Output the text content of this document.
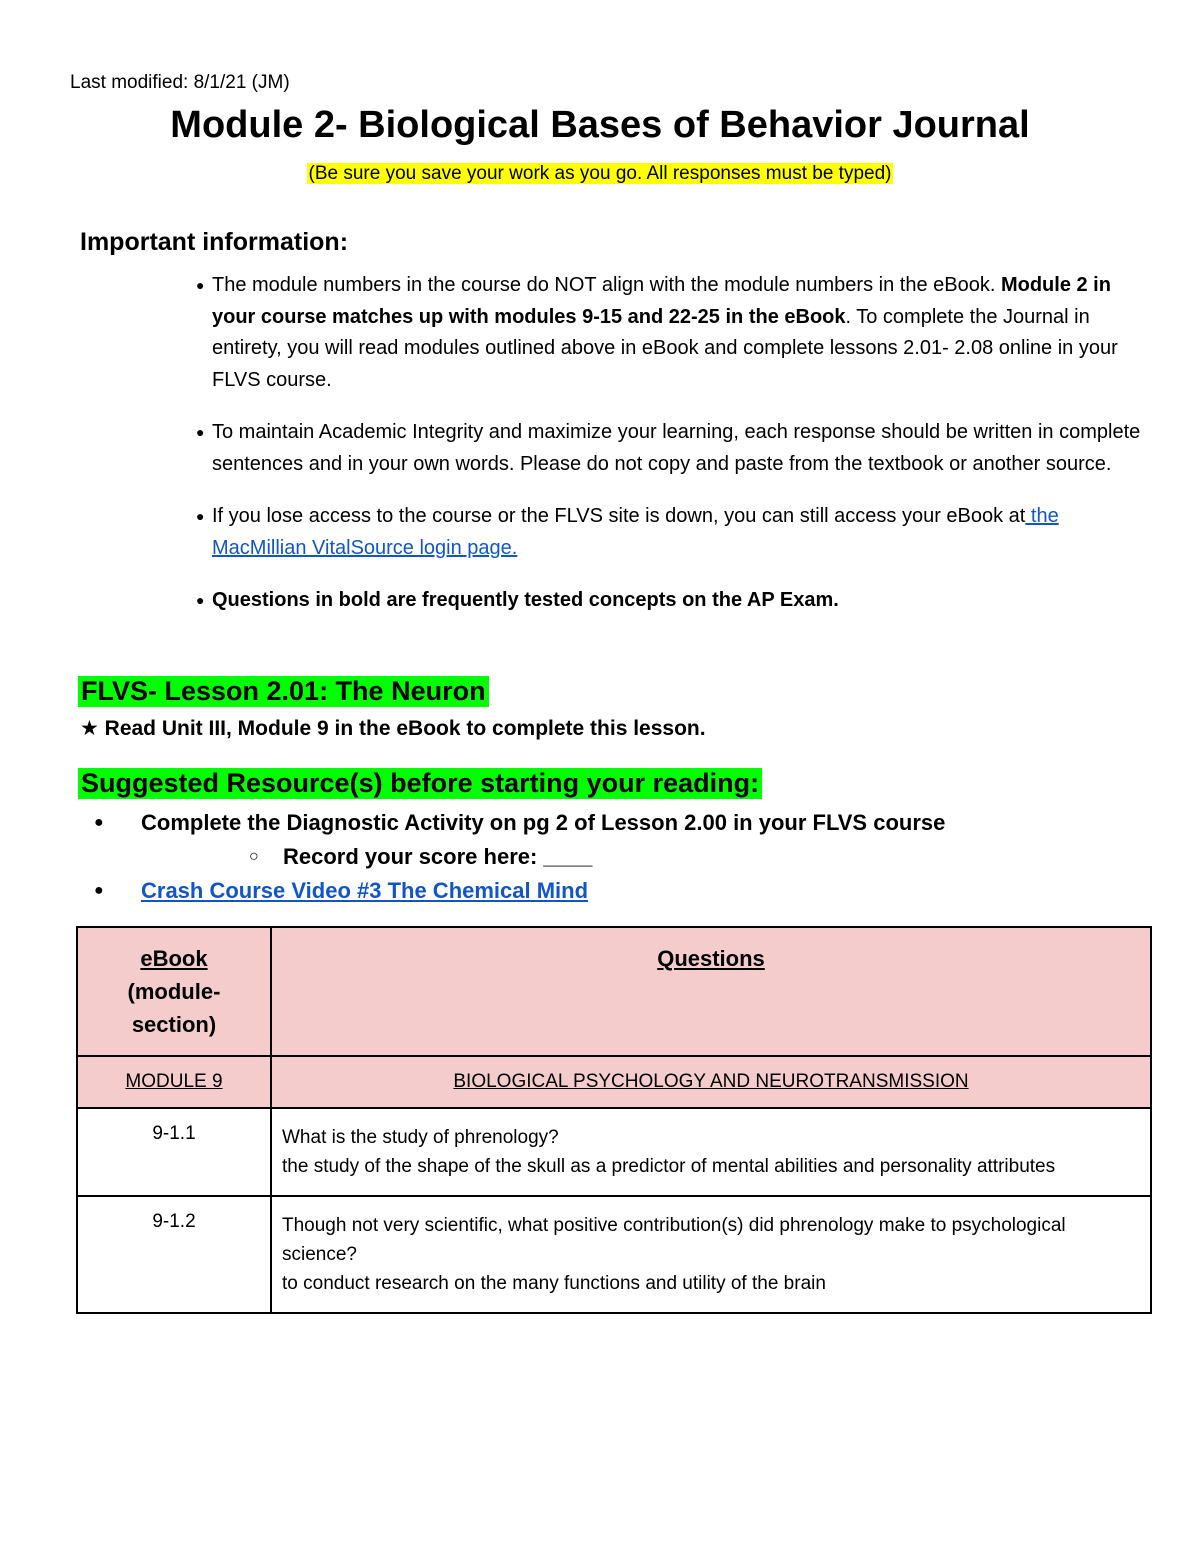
Last modified: 8/1/21 (JM)
Module 2- Biological Bases of Behavior Journal
(Be sure you save your work as you go. All responses must be typed)
Important information:
● The module numbers in the course do NOT align with the module numbers in the eBook. Module 2 in your course matches up with modules 9-15 and 22-25 in the eBook. To complete the Journal in entirety, you will read modules outlined above in eBook and complete lessons 2.01- 2.08 online in your FLVS course.
● To maintain Academic Integrity and maximize your learning, each response should be written in complete sentences and in your own words. Please do not copy and paste from the textbook or another source.
● If you lose access to the course or the FLVS site is down, you can still access your eBook at the MacMillian VitalSource login page.
● Questions in bold are frequently tested concepts on the AP Exam.
FLVS- Lesson 2.01: The Neuron
★ Read Unit III, Module 9 in the eBook to complete this lesson.
Suggested Resource(s) before starting your reading:
● Complete the Diagnostic Activity on pg 2 of Lesson 2.00 in your FLVS course
○ Record your score here: ____
● Crash Course Video #3 The Chemical Mind
eBook
(module-section)	Questions
MODULE 9	BIOLOGICAL PSYCHOLOGY AND NEUROTRANSMISSION
9-1.1	What is the study of phrenology?
the study of the shape of the skull as a predictor of mental abilities and personality attributes

9-1.2	Though not very scientific, what positive contribution(s) did phrenology make to psychological science?
to conduct research on the many functions and utility of the brain
